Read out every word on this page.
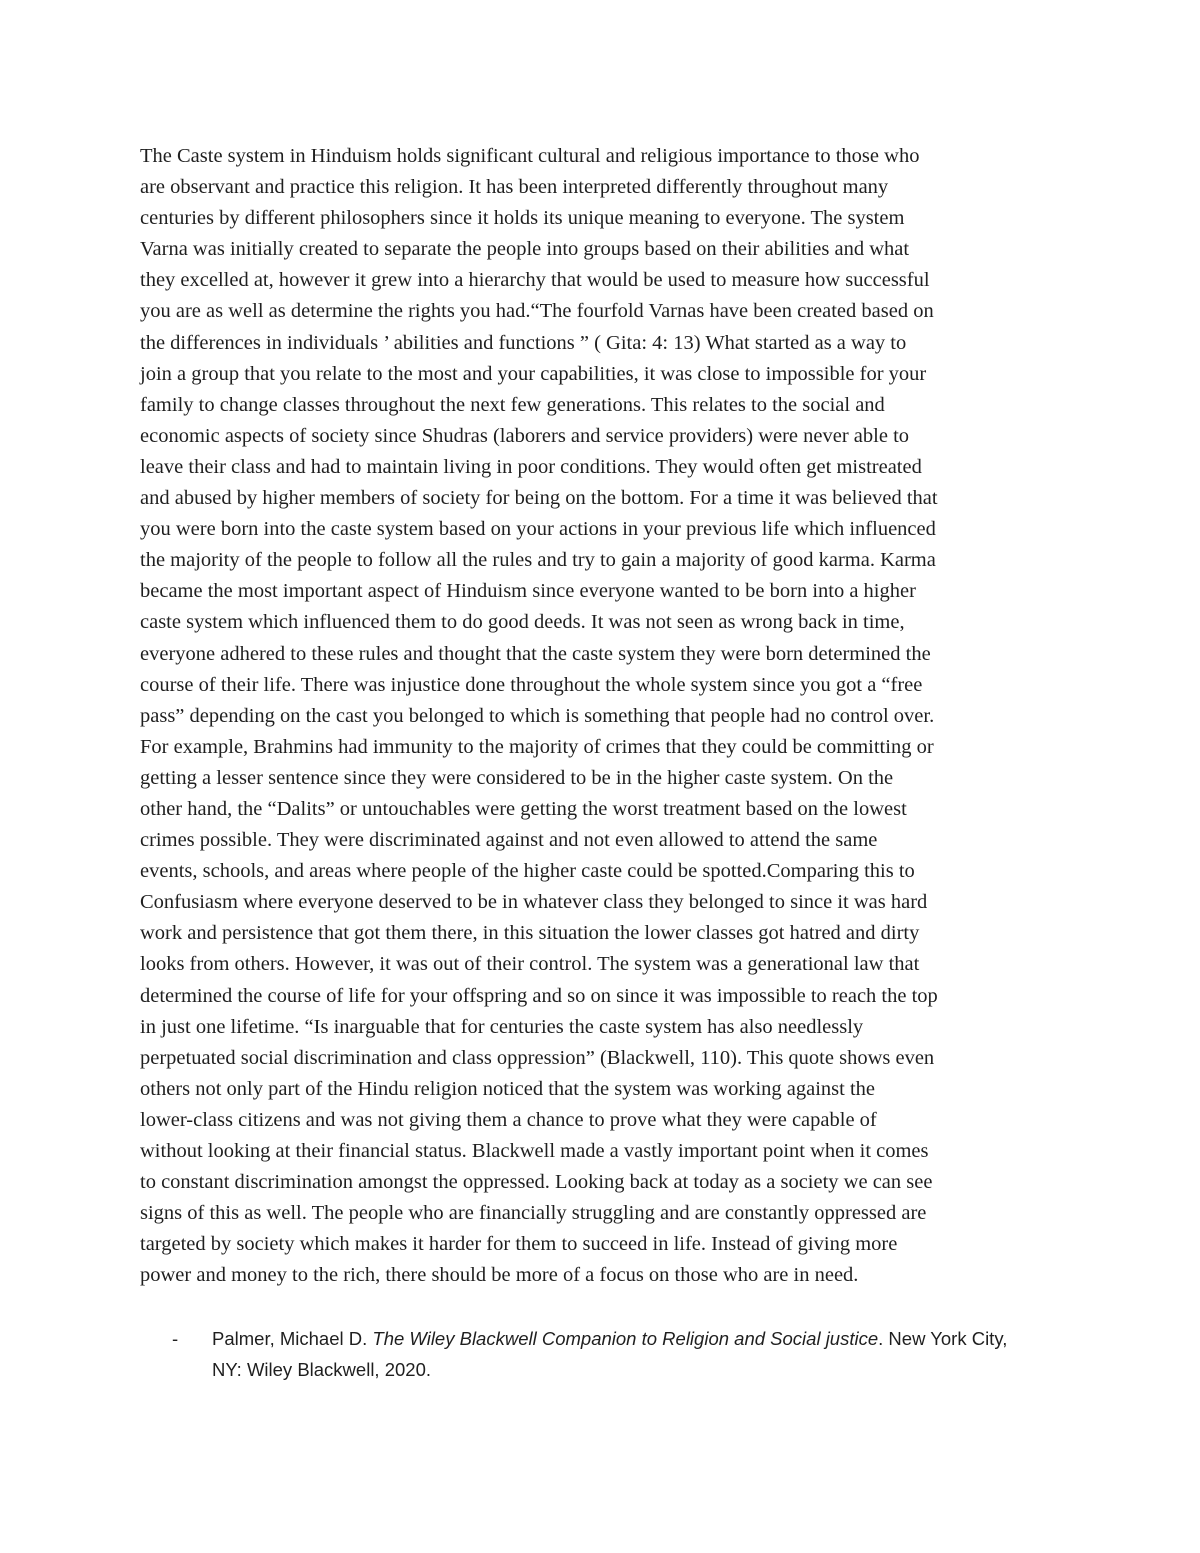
The Caste system in Hinduism holds significant cultural and religious importance to those who
are observant and practice this religion. It has been interpreted differently throughout many
centuries by different philosophers since it holds its unique meaning to everyone. The system
Varna was initially created to separate the people into groups based on their abilities and what
they excelled at, however it grew into a hierarchy that would be used to measure how successful
you are as well as determine the rights you had.“The fourfold Varnas have been created based on
the differences in individuals ’ abilities and functions ” ( Gita: 4: 13) What started as a way to
join a group that you relate to the most and your capabilities, it was close to impossible for your
family to change classes throughout the next few generations. This relates to the social and
economic aspects of society since Shudras (laborers and service providers) were never able to
leave their class and had to maintain living in poor conditions. They would often get mistreated
and abused by higher members of society for being on the bottom. For a time it was believed that
you were born into the caste system based on your actions in your previous life which influenced
the majority of the people to follow all the rules and try to gain a majority of good karma. Karma
became the most important aspect of Hinduism since everyone wanted to be born into a higher
caste system which influenced them to do good deeds. It was not seen as wrong back in time,
everyone adhered to these rules and thought that the caste system they were born determined the
course of their life. There was injustice done throughout the whole system since you got a “free
pass” depending on the cast you belonged to which is something that people had no control over.
For example, Brahmins had immunity to the majority of crimes that they could be committing or
getting a lesser sentence since they were considered to be in the higher caste system. On the
other hand, the “Dalits” or untouchables were getting the worst treatment based on the lowest
crimes possible. They were discriminated against and not even allowed to attend the same
events, schools, and areas where people of the higher caste could be spotted.Comparing this to
Confusiasm where everyone deserved to be in whatever class they belonged to since it was hard
work and persistence that got them there, in this situation the lower classes got hatred and dirty
looks from others. However, it was out of their control. The system was a generational law that
determined the course of life for your offspring and so on since it was impossible to reach the top
in just one lifetime. “Is inarguable that for centuries the caste system has also needlessly
perpetuated social discrimination and class oppression” (Blackwell, 110). This quote shows even
others not only part of the Hindu religion noticed that the system was working against the
lower-class citizens and was not giving them a chance to prove what they were capable of
without looking at their financial status. Blackwell made a vastly important point when it comes
to constant discrimination amongst the oppressed. Looking back at today as a society we can see
signs of this as well. The people who are financially struggling and are constantly oppressed are
targeted by society which makes it harder for them to succeed in life. Instead of giving more
power and money to the rich, there should be more of a focus on those who are in need.
- Palmer, Michael D. The Wiley Blackwell Companion to Religion and Social justice. New York City,
NY: Wiley Blackwell, 2020.
